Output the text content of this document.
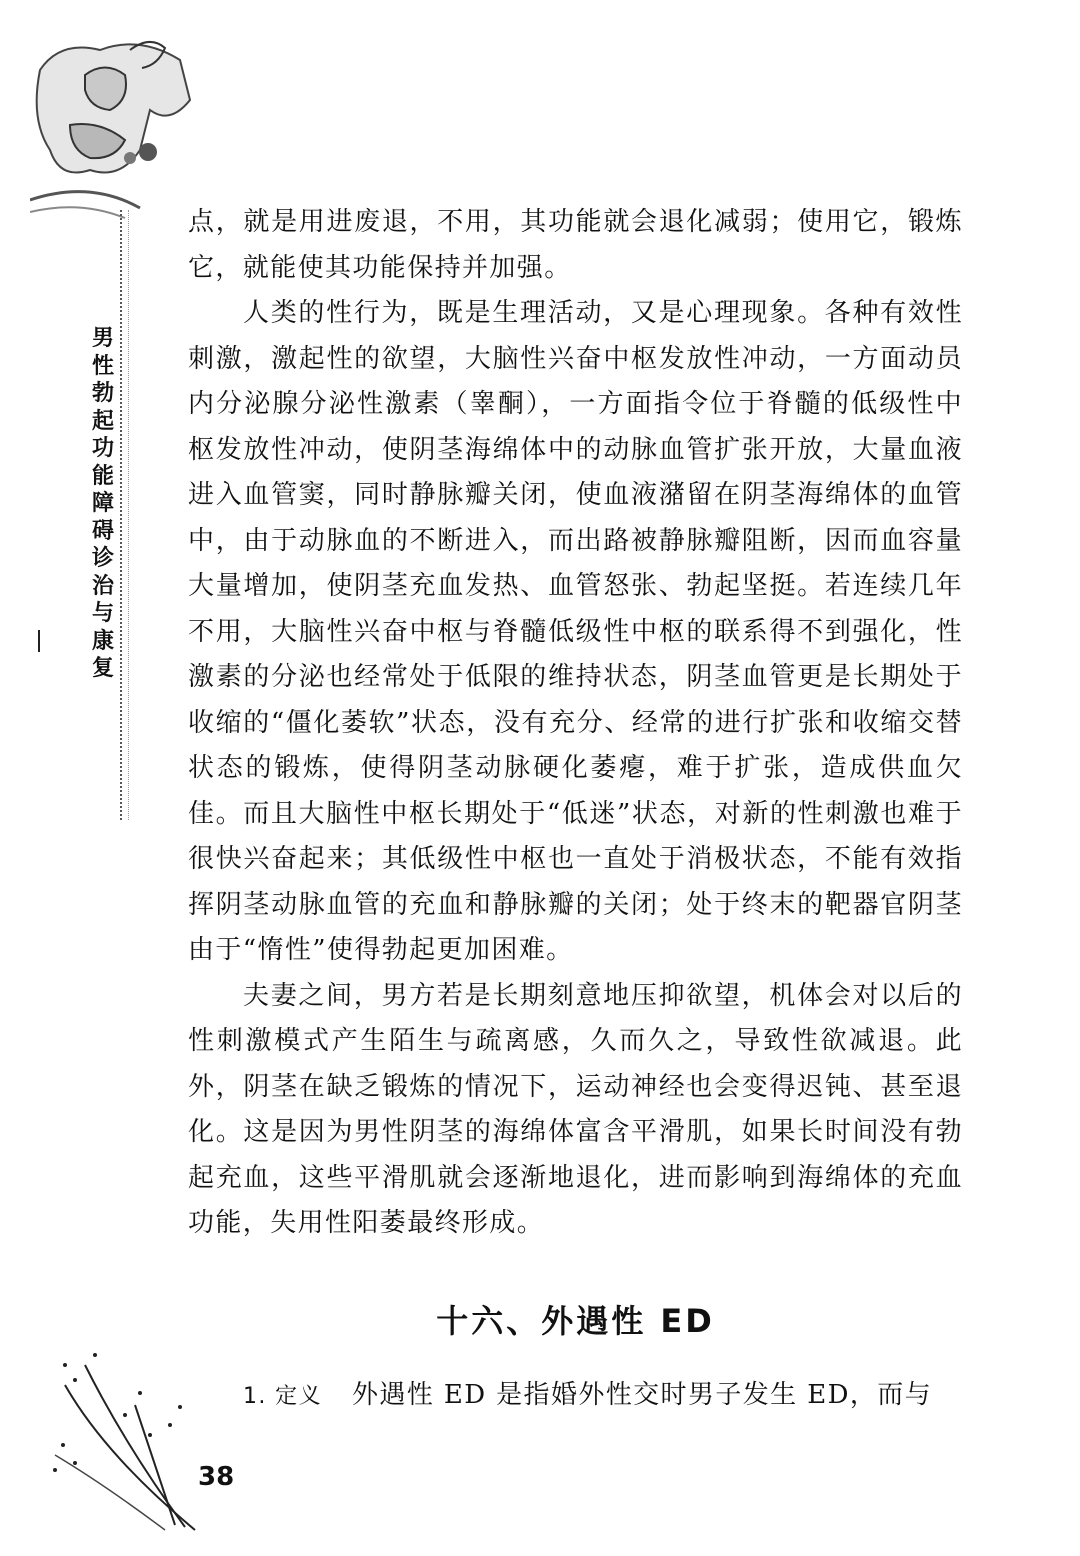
男
性
勃
起
功
能
障
碍
诊
治
与
康
复

点，就是用进废退，不用，其功能就会退化减弱；使用它，锻炼它，就能使其功能保持并加强。

人类的性行为，既是生理活动，又是心理现象。各种有效性刺激，激起性的欲望，大脑性兴奋中枢发放性冲动，一方面动员内分泌腺分泌性激素（睾酮），一方面指令位于脊髓的低级性中枢发放性冲动，使阴茎海绵体中的动脉血管扩张开放，大量血液进入血管窦，同时静脉瓣关闭，使血液潴留在阴茎海绵体的血管中，由于动脉血的不断进入，而出路被静脉瓣阻断，因而血容量大量增加，使阴茎充血发热、血管怒张、勃起坚挺。若连续几年不用，大脑性兴奋中枢与脊髓低级性中枢的联系得不到强化，性激素的分泌也经常处于低限的维持状态，阴茎血管更是长期处于收缩的“僵化萎软”状态，没有充分、经常的进行扩张和收缩交替状态的锻炼，使得阴茎动脉硬化萎瘪，难于扩张，造成供血欠佳。而且大脑性中枢长期处于“低迷”状态，对新的性刺激也难于很快兴奋起来；其低级性中枢也一直处于消极状态，不能有效指挥阴茎动脉血管的充血和静脉瓣的关闭；处于终末的靶器官阴茎由于“惰性”使得勃起更加困难。

夫妻之间，男方若是长期刻意地压抑欲望，机体会对以后的性刺激模式产生陌生与疏离感，久而久之，导致性欲减退。此外，阴茎在缺乏锻炼的情况下，运动神经也会变得迟钝、甚至退化。这是因为男性阴茎的海绵体富含平滑肌，如果长时间没有勃起充血，这些平滑肌就会逐渐地退化，进而影响到海绵体的充血功能，失用性阳萎最终形成。

十六、外遇性 ED
1. 定义 外遇性 ED 是指婚外性交时男子发生 ED，而与
38
